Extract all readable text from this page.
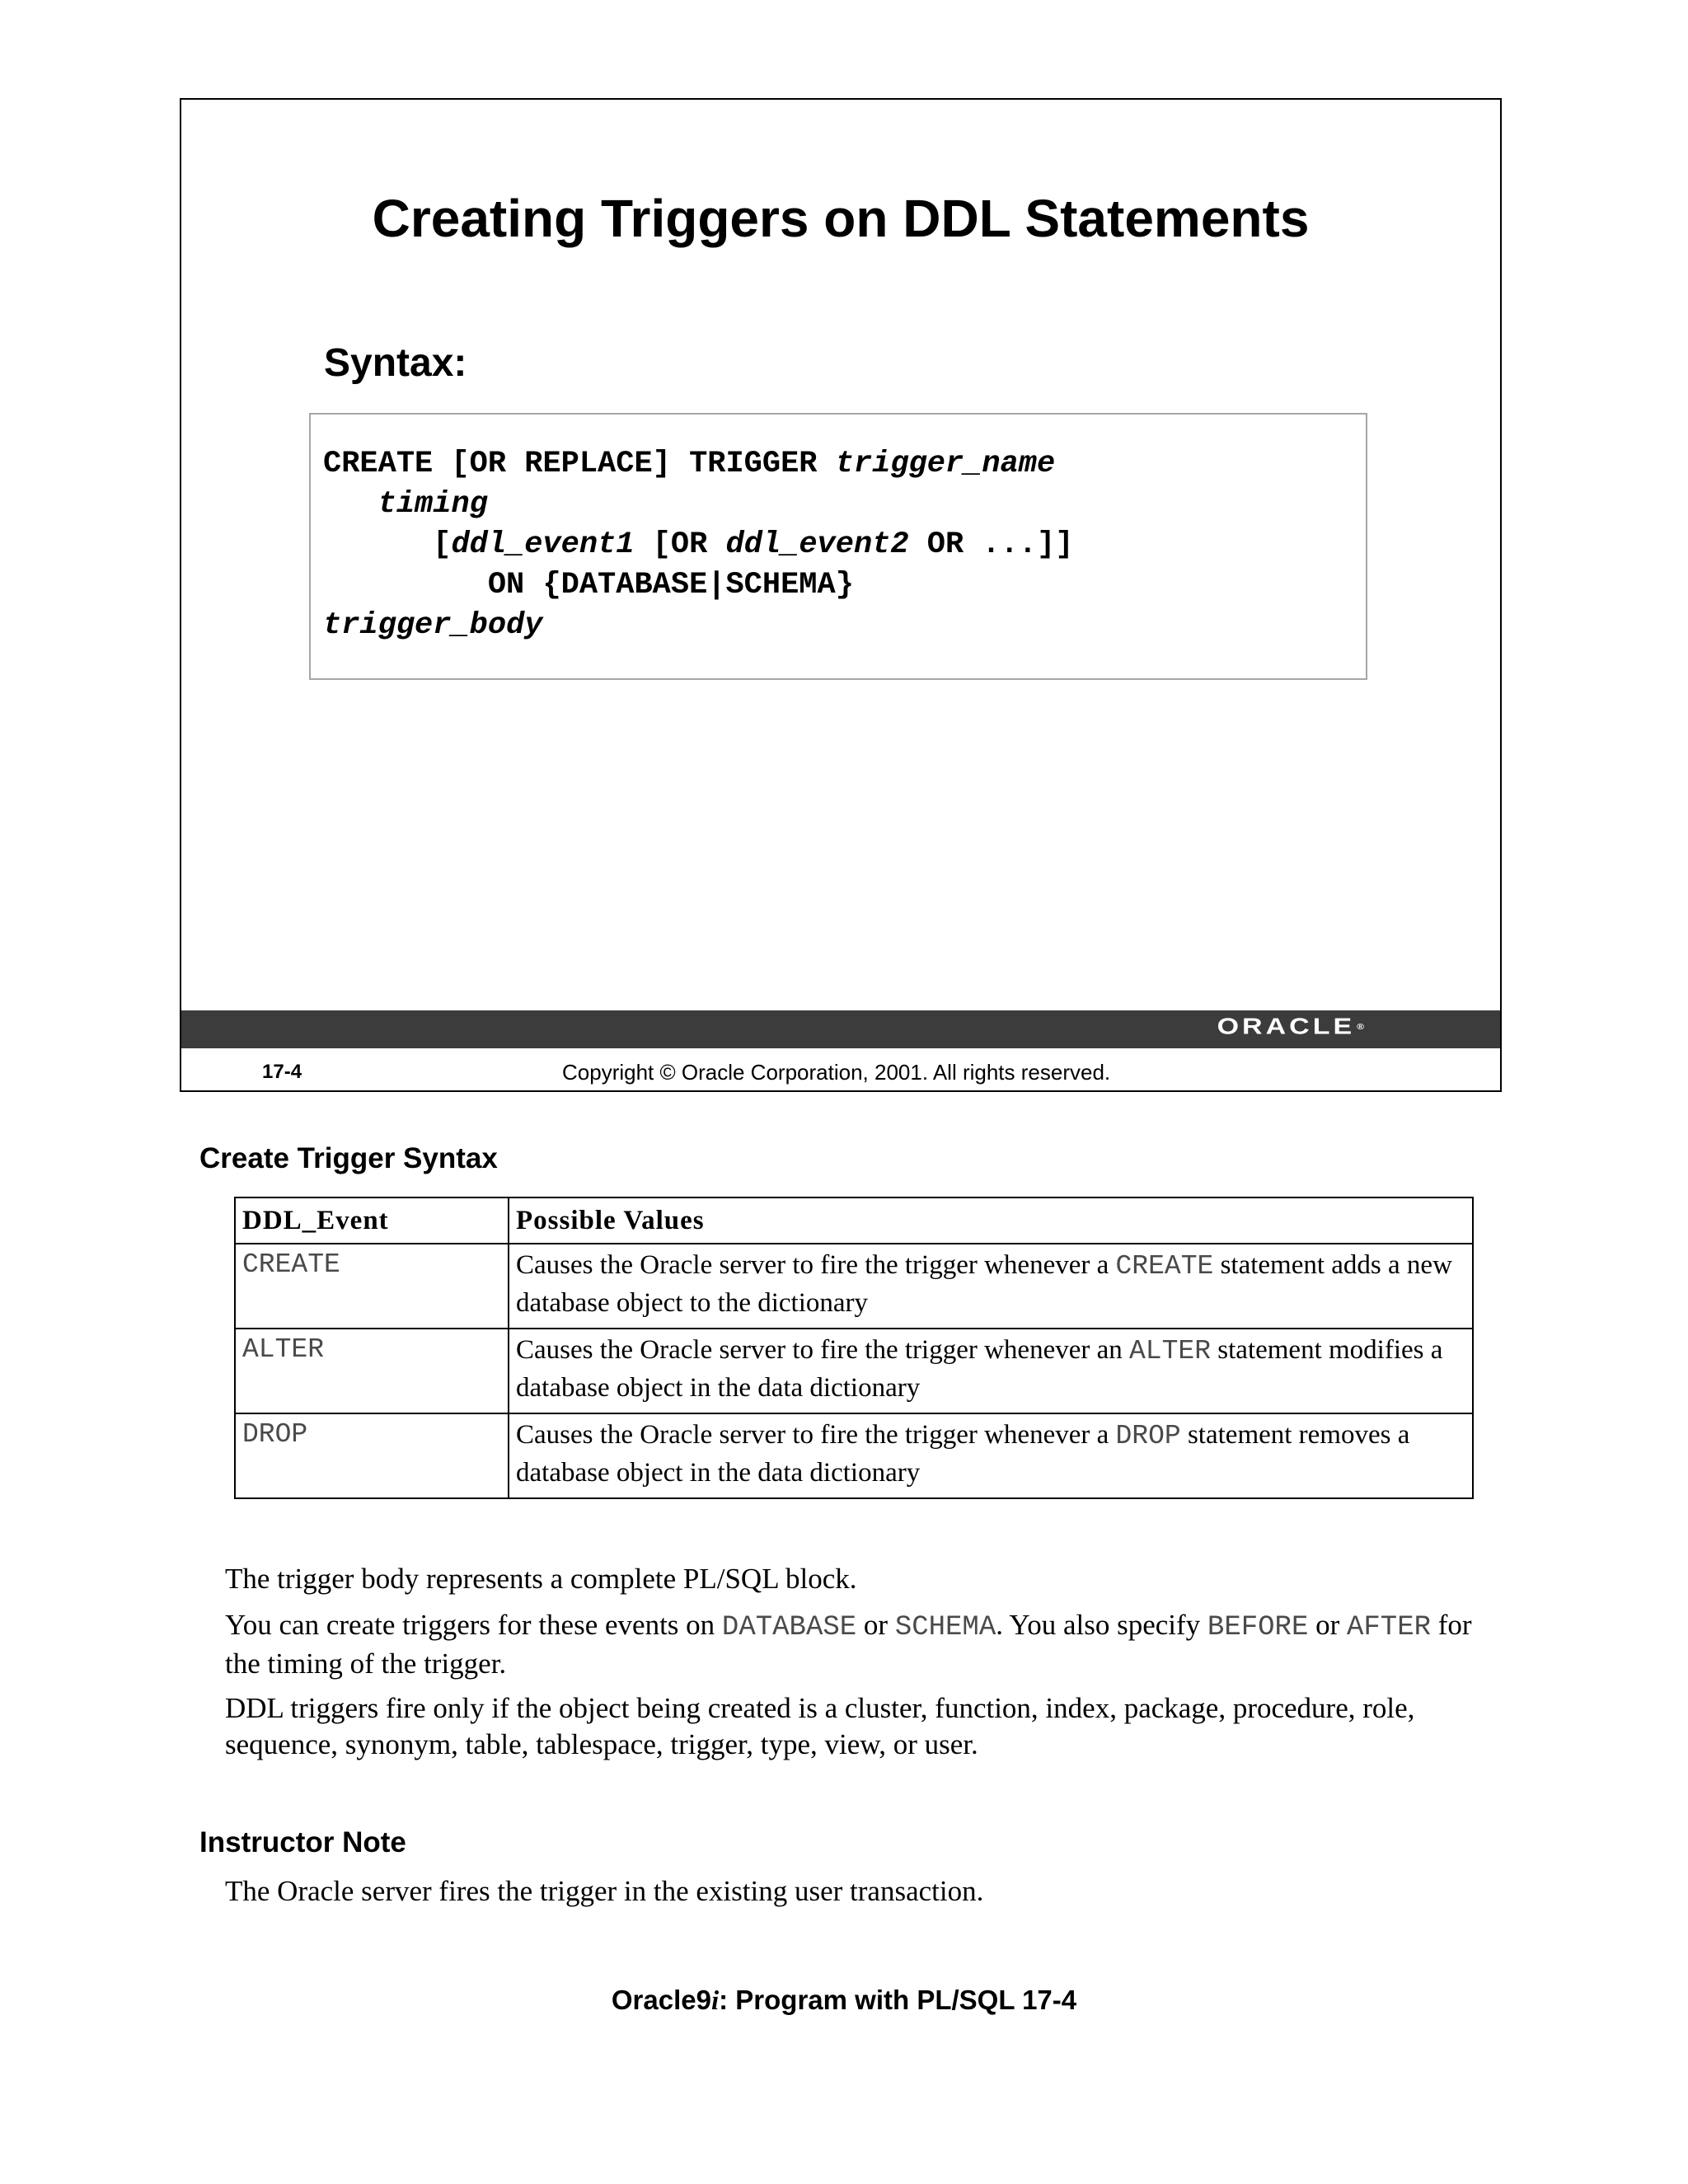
Creating Triggers on DDL Statements
Syntax:
CREATE [OR REPLACE] TRIGGER trigger_name
timing
[ddl_event1 [OR ddl_event2 OR ...]]
ON {DATABASE|SCHEMA}
trigger_body
ORACLE ®
17-4	Copyright © Oracle Corporation, 2001. All rights reserved.
Create Trigger Syntax
DDL_Event	Possible Values
CREATE	Causes the Oracle server to fire the trigger whenever a CREATE statement adds a new database object to the dictionary
ALTER	Causes the Oracle server to fire the trigger whenever an ALTER statement modifies a database object in the data dictionary
DROP	Causes the Oracle server to fire the trigger whenever a DROP statement removes a database object in the data dictionary
The trigger body represents a complete PL/SQL block.
You can create triggers for these events on DATABASE or SCHEMA. You also specify BEFORE or AFTER for the timing of the trigger.
DDL triggers fire only if the object being created is a cluster, function, index, package, procedure, role, sequence, synonym, table, tablespace, trigger, type, view, or user.
Instructor Note
The Oracle server fires the trigger in the existing user transaction.
Oracle9i: Program with PL/SQL 17-4
